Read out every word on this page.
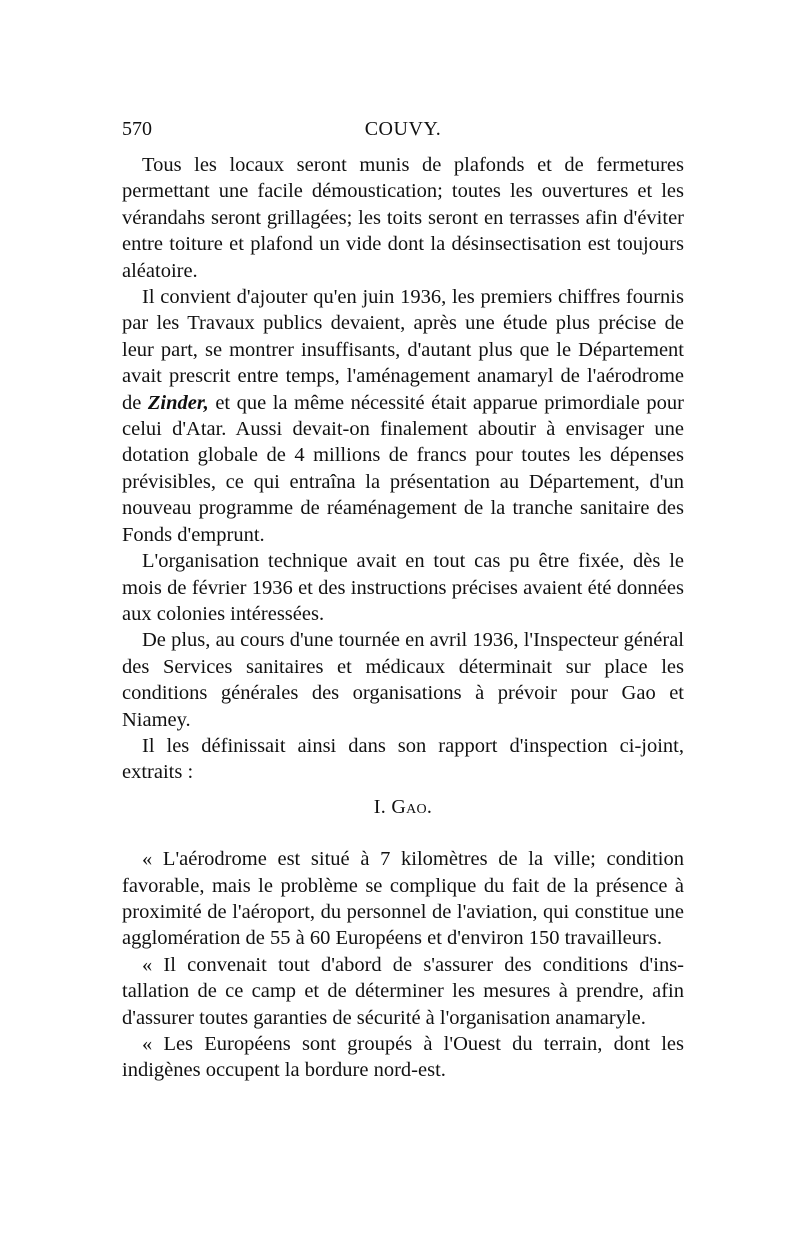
570	COUVY.

Tous les locaux seront munis de plafonds et de fermetures permettant une facile démoustication; toutes les ouvertures et les vérandahs seront grillagées; les toits seront en terrasses afin d'éviter entre toiture et plafond un vide dont la désinsectisation est toujours aléatoire.

Il convient d'ajouter qu'en juin 1936, les premiers chiffres fournis par les Travaux publics devaient, après une étude plus précise de leur part, se montrer insuffisants, d'autant plus que le Département avait prescrit entre temps, l'aménagement anamaryl de l'aérodrome de Zinder, et que la même nécessité était apparue primordiale pour celui d'Atar. Aussi devait-on finalement aboutir à envisager une dotation globale de 4 millions de francs pour toutes les dépenses prévisibles, ce qui entraîna la présentation au Département, d'un nouveau programme de réaménagement de la tranche sanitaire des Fonds d'emprunt.

L'organisation technique avait en tout cas pu être fixée, dès le mois de février 1936 et des instructions précises avaient été données aux colonies intéressées.

De plus, au cours d'une tournée en avril 1936, l'Inspecteur général des Services sanitaires et médicaux déterminait sur place les conditions générales des organisations à prévoir pour Gao et Niamey.

Il les définissait ainsi dans son rapport d'inspection ci-joint, extraits :

I. Gao.

« L'aérodrome est situé à 7 kilomètres de la ville; condition favorable, mais le problème se complique du fait de la présence à proximité de l'aéroport, du personnel de l'aviation, qui constitue une agglomération de 55 à 60 Européens et d'environ 150 travailleurs.

« Il convenait tout d'abord de s'assurer des conditions d'installation de ce camp et de déterminer les mesures à prendre, afin d'assurer toutes garanties de sécurité à l'organisation anamaryle.

« Les Européens sont groupés à l'Ouest du terrain, dont les indigènes occupent la bordure nord-est.
